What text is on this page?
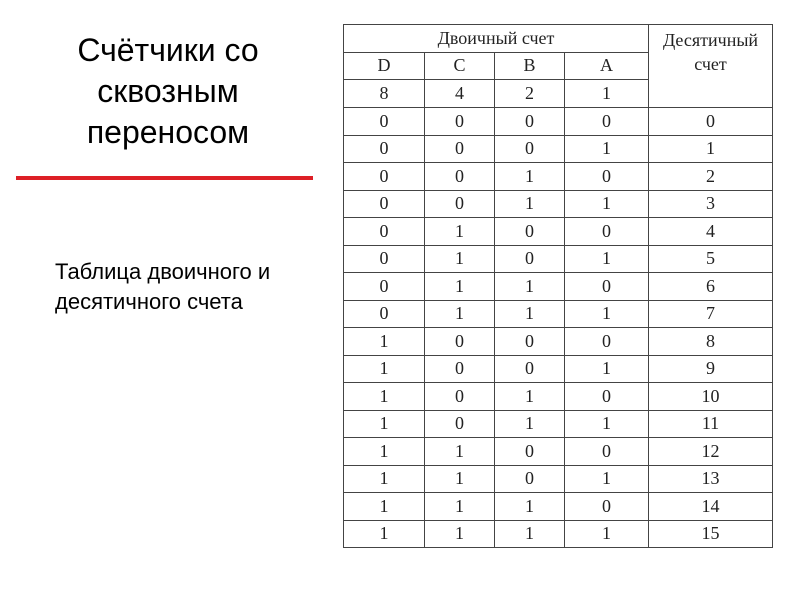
Счётчики со сквозным переносом
Таблица двоичного и десятичного счета
Двоичный счет				Десятичный счет
D	C	B	A	
8	4	2	1	
0	0	0	0	0
0	0	0	1	1
0	0	1	0	2
0	0	1	1	3
0	1	0	0	4
0	1	0	1	5
0	1	1	0	6
0	1	1	1	7
1	0	0	0	8
1	0	0	1	9
1	0	1	0	10
1	0	1	1	11
1	1	0	0	12
1	1	0	1	13
1	1	1	0	14
1	1	1	1	15
